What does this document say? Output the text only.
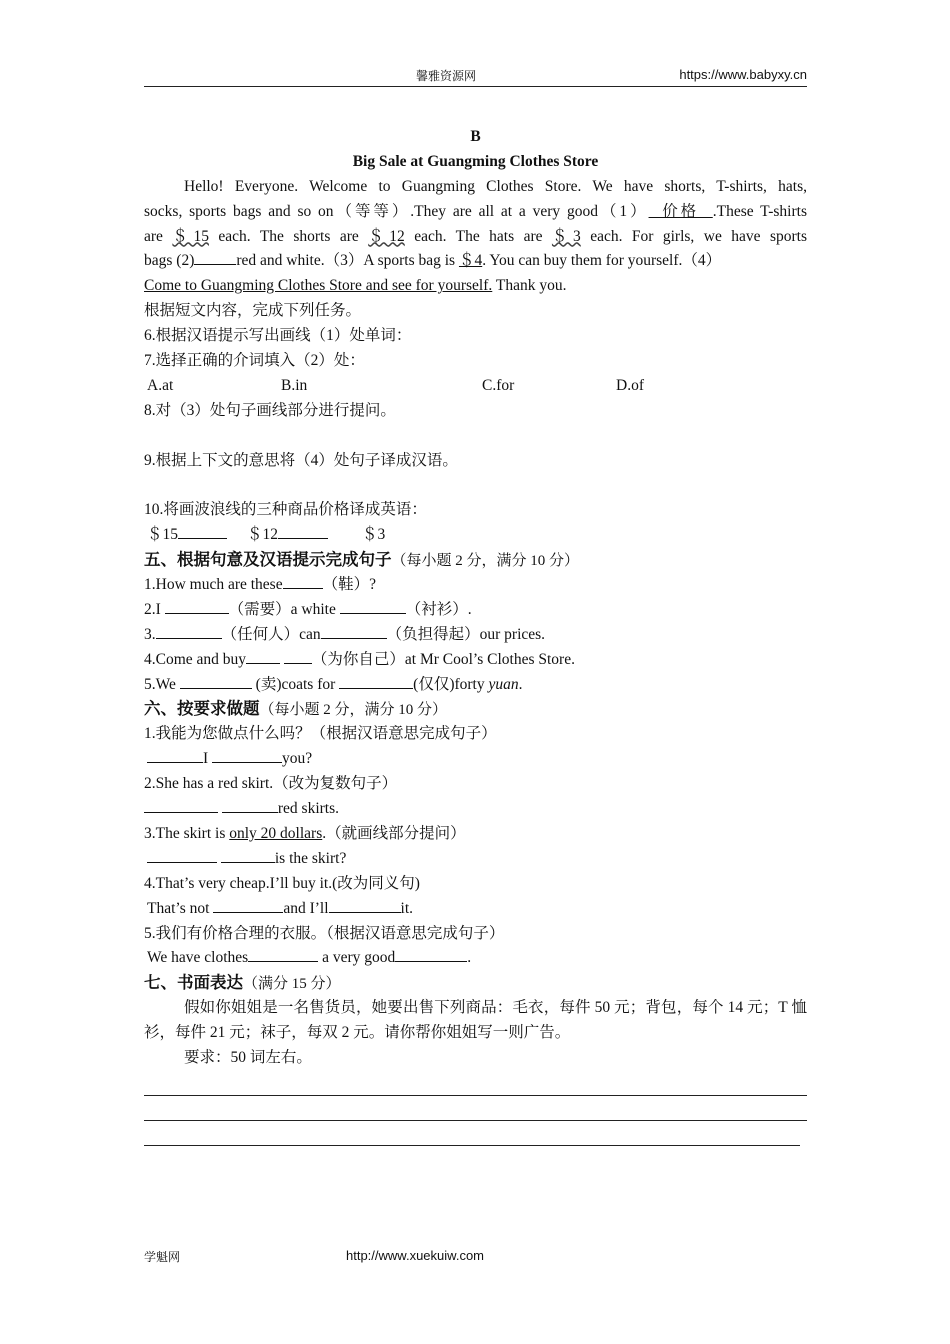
馨雅资源网	https://www.babyxy.cn
B
Big Sale at Guangming Clothes Store
Hello! Everyone. Welcome to Guangming Clothes Store. We have shorts, T-shirts, hats,
socks, sports bags and so on（等等）.They are all at a very good（1）  价格  .These T-shirts
are ＄15 each. The shorts are ＄12 each. The hats are ＄3 each. For girls, we have sports
bags (2)	red and white.（3）A sports bag is ＄4. You can buy them for yourself.（4）
Come to Guangming Clothes Store and see for yourself. Thank you.
根据短文内容，完成下列任务。
6.根据汉语提示写出画线（1）处单词：
7.选择正确的介词填入（2）处：
A.at	B.in	C.for	D.of
8.对（3）处句子画线部分进行提问。
9.根据上下文的意思将（4）处句子译成汉语。
10.将画波浪线的三种商品价格译成英语：
＄15	＄12	＄3
五、根据句意及汉语提示完成句子（每小题 2 分，满分 10 分）
1.How much are these	（鞋）?
2.I	（需要）a white	（衬衫）.
3.	（任何人）can	（负担得起）our prices.
4.Come and buy	（为你自己）at Mr Cool’s Clothes Store.
5.We	(卖)coats for	(仅仅)forty yuan.
六、按要求做题（每小题 2 分，满分 10 分）
1.我能为您做点什么吗？（根据汉语意思完成句子）
I	you?
2.She has a red skirt.（改为复数句子）
red skirts.
3.The skirt is only 20 dollars.（就画线部分提问）
is the skirt?
4.That’s very cheap.I’ll buy it.(改为同义句)
That’s not	and I’ll	it.
5.我们有价格合理的衣服。（根据汉语意思完成句子）
We have clothes	a very good	.
七、书面表达（满分 15 分）
假如你姐姐是一名售货员，她要出售下列商品：毛衣，每件 50 元；背包，每个 14 元；T 恤
衫，每件 21 元；袜子，每双 2 元。请你帮你姐姐写一则广告。
要求：50 词左右。
学魁网	http://www.xuekuiw.com
